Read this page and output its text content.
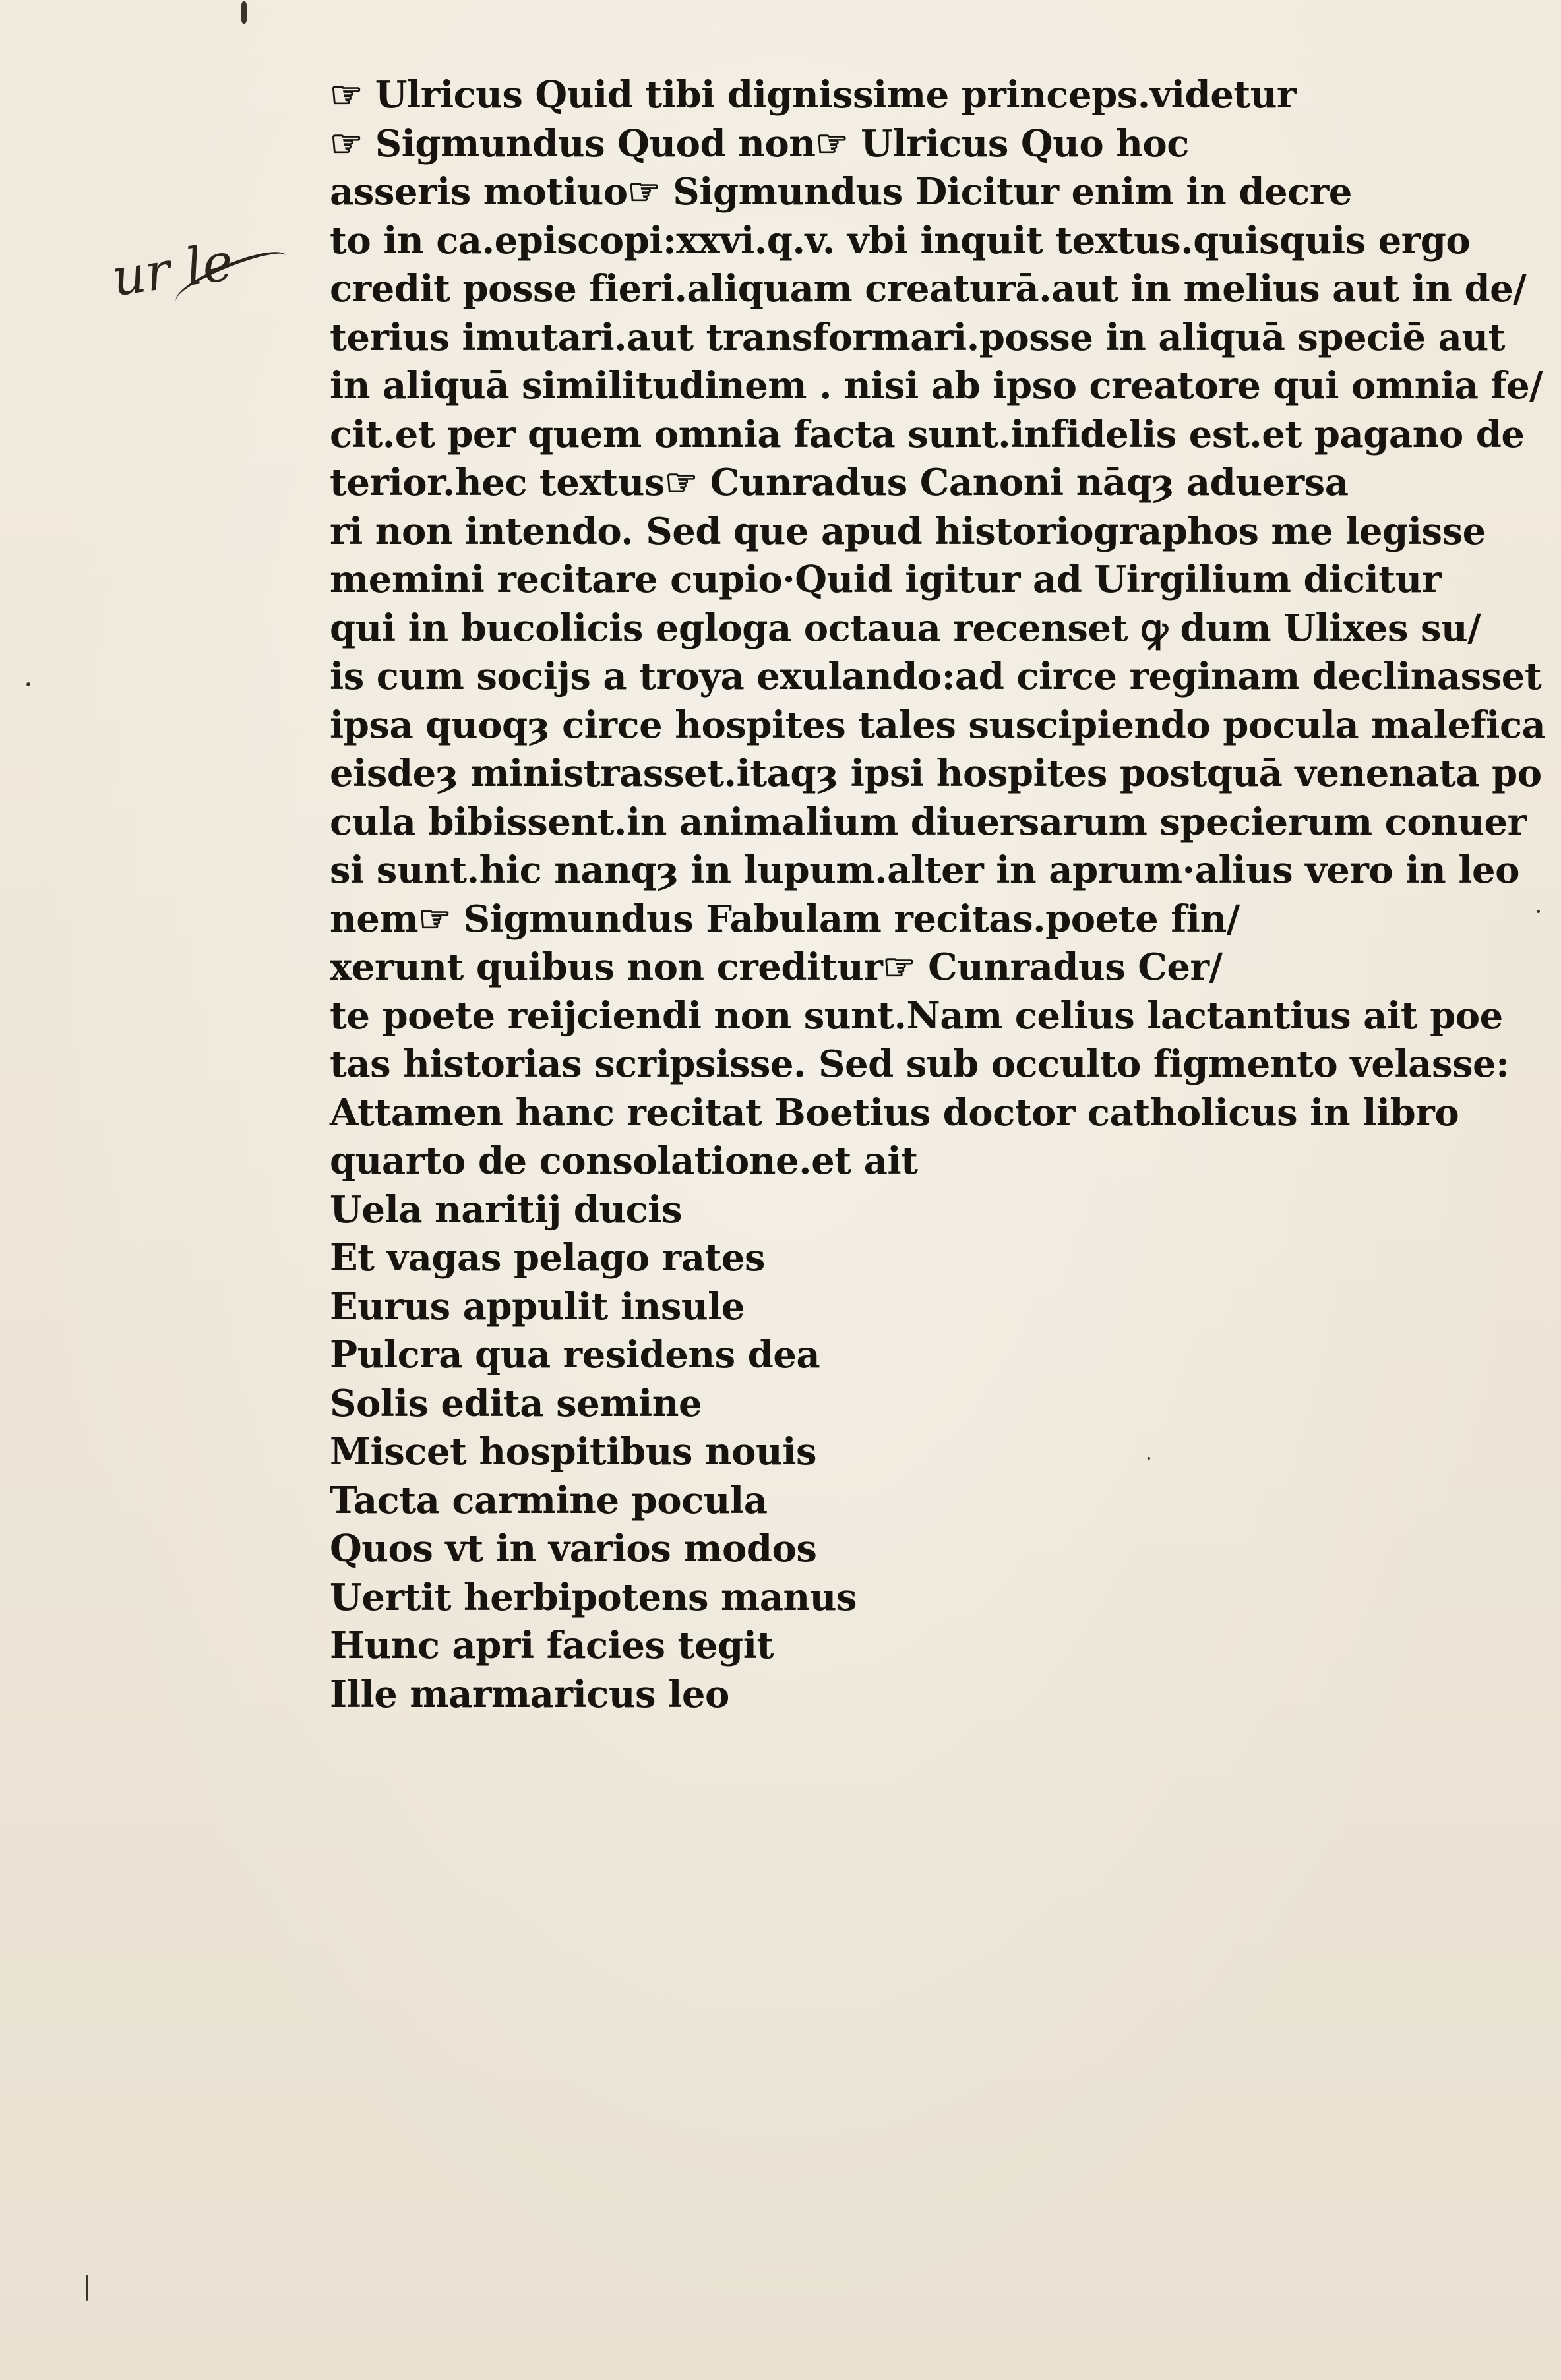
ur le
☞ Ulricus Quid tibi dignissime princeps.videtur
☞ Sigmundus Quod non☞ Ulricus Quo hoc
asseris motiuo☞ Sigmundus Dicitur enim in decre
to in ca.episcopi:xxvi.q.v. vbi inquit textus.quisquis ergo
credit posse fieri.aliquam creaturā.aut in melius aut in de/
terius imutari.aut transformari.posse in aliquā speciē aut
in aliquā similitudinem . nisi ab ipso creatore qui omnia fe/
cit.et per quem omnia facta sunt.infidelis est.et pagano de
terior.hec textus☞ Cunradus Canoni nāqȝ aduersa
ri non intendo. Sed que apud historiographos me legisse
memini recitare cupio·Quid igitur ad Uirgilium dicitur
qui in bucolicis egloga octaua recenset ꝙ dum Ulixes su/
is cum socijs a troya exulando:ad circe reginam declinasset
ipsa quoqȝ circe hospites tales suscipiendo pocula malefica
eisdeȝ ministrasset.itaqȝ ipsi hospites postquā venenata po
cula bibissent.in animalium diuersarum specierum conuer
si sunt.hic nanqȝ in lupum.alter in aprum·alius vero in leo
nem☞ Sigmundus Fabulam recitas.poete fin/
xerunt quibus non creditur☞ Cunradus Cer/
te poete reijciendi non sunt.Nam celius lactantius ait poe
tas historias scripsisse. Sed sub occulto figmento velasse:
Attamen hanc recitat Boetius doctor catholicus in libro
quarto de consolatione.et ait
Uela naritij ducis
Et vagas pelago rates
Eurus appulit insule
Pulcra qua residens dea
Solis edita semine
Miscet hospitibus nouis
Tacta carmine pocula
Quos vt in varios modos
Uertit herbipotens manus
Hunc apri facies tegit
Ille marmaricus leo
